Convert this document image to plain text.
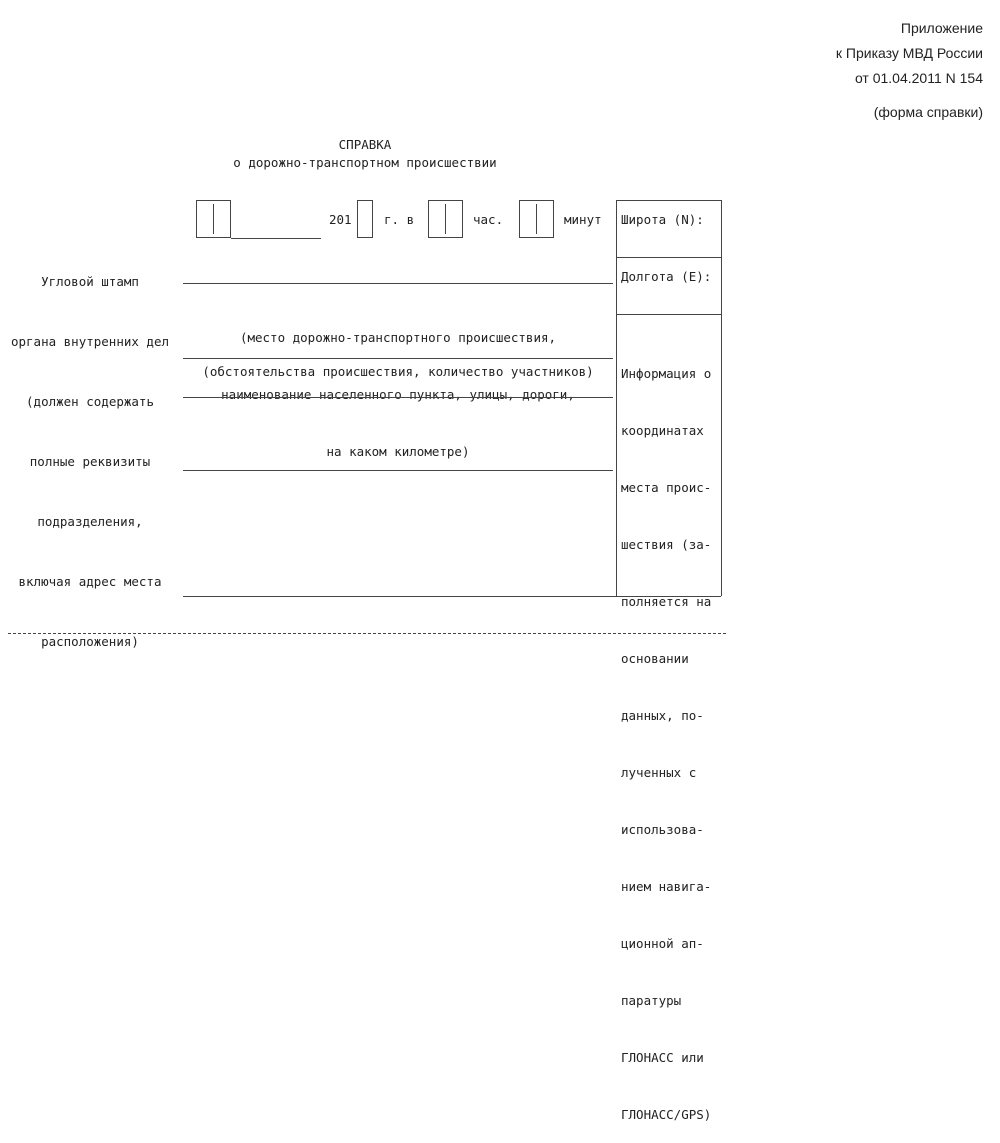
Приложение
к Приказу МВД России
от 01.04.2011 N 154
(форма справки)
СПРАВКА
о дорожно-транспортном происшествии

Угловой штамп

органа внутренних дел

(должен содержать

полные реквизиты

подразделения,

включая адрес места

расположения)

201	г. в	час.	минут

(место дорожно-транспортного происшествия,

наименование населенного пункта, улицы, дороги,

на каком километре)

(обстоятельства происшествия, количество участников)
Широта (N):
Долгота (E):

Информация о

координатах

места проис-

шествия (за-

полняется на

основании

данных, по-

лученных с

использова-

нием навига-

ционной ап-

паратуры

ГЛОНАСС или

ГЛОНАСС/GPS)
